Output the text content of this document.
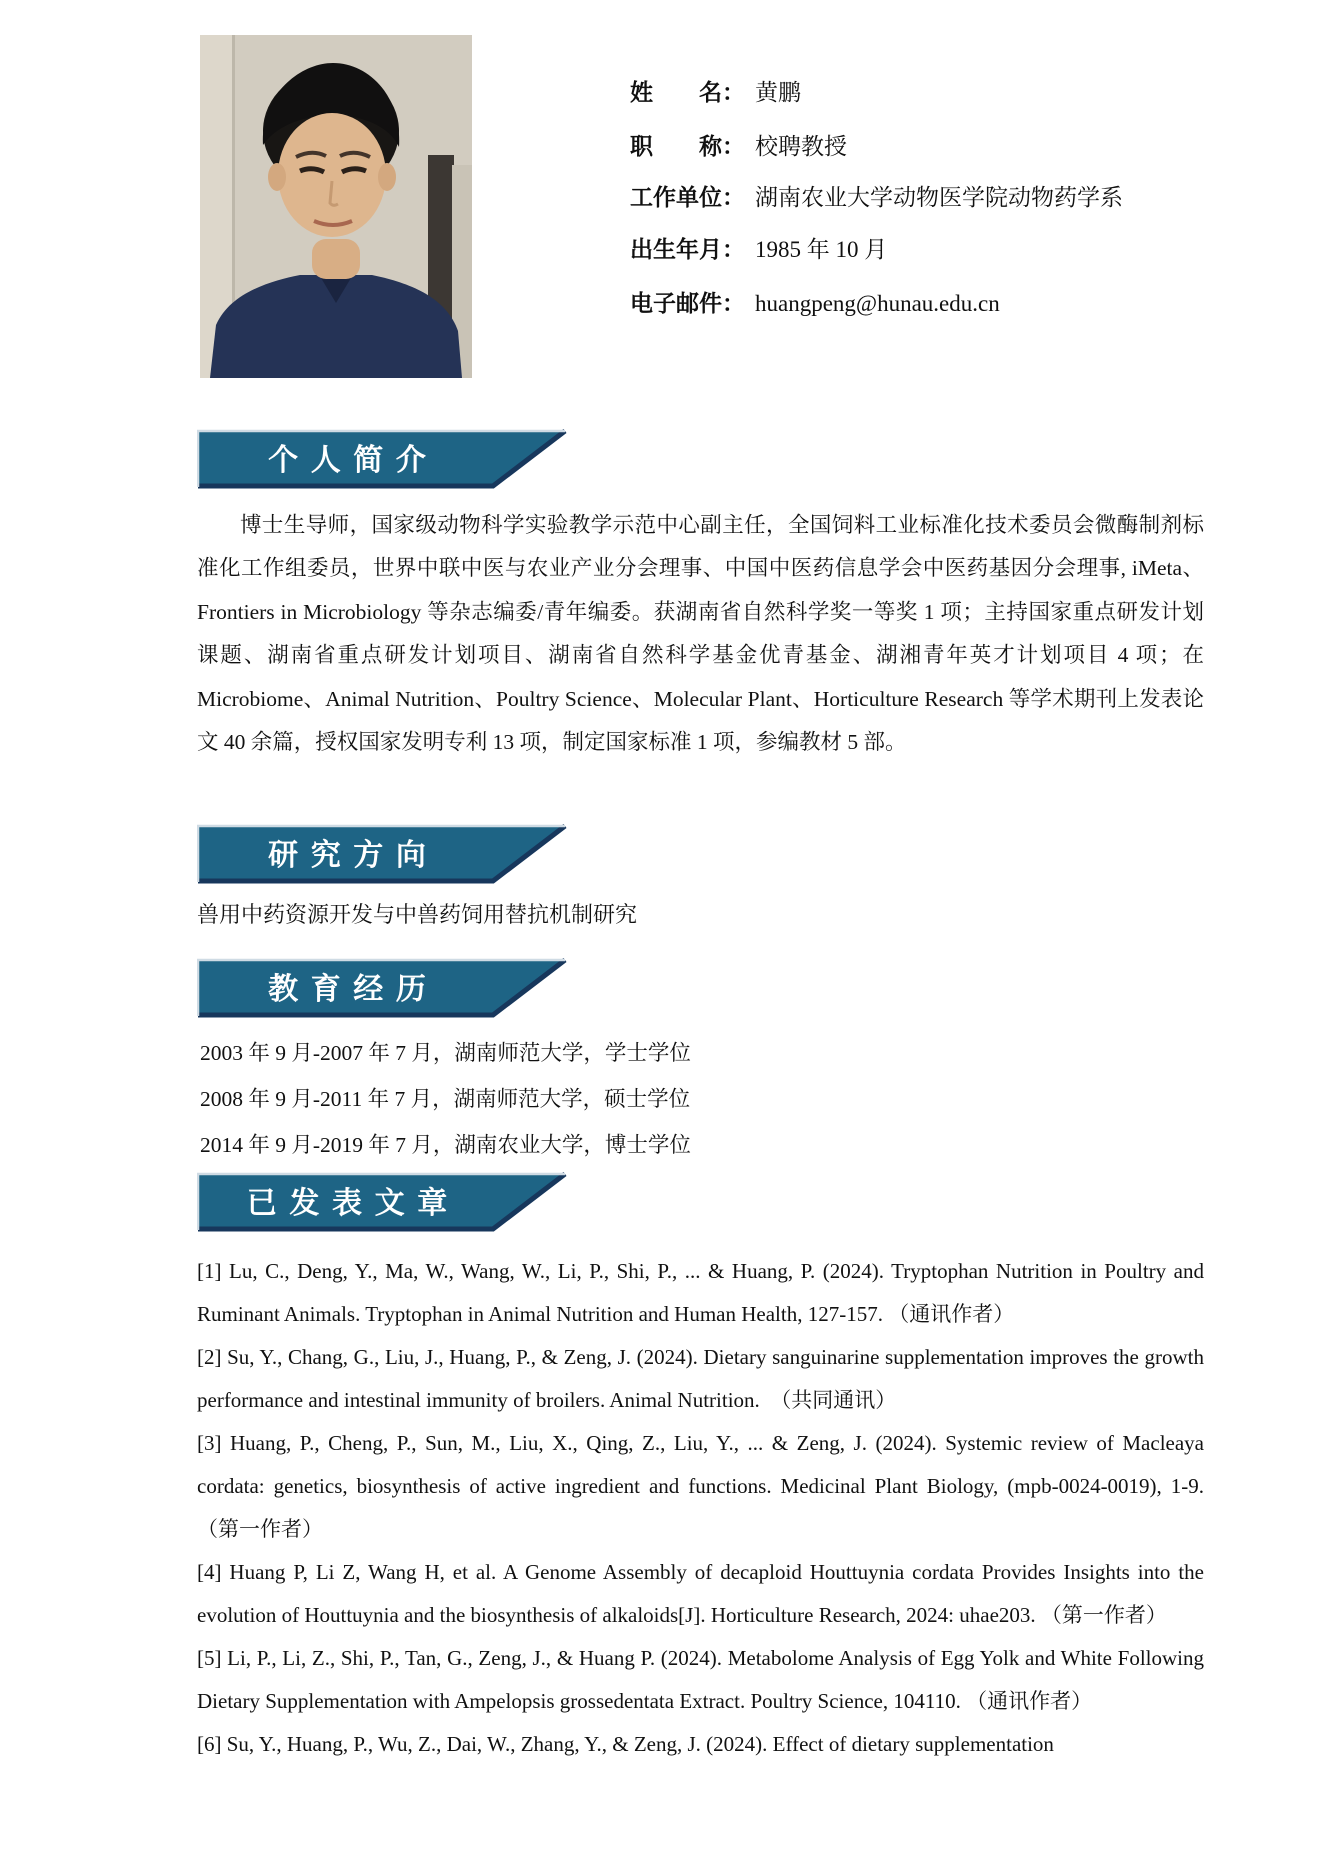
姓　　名： 黄鹏
职　　称： 校聘教授
工作单位： 湖南农业大学动物医学院动物药学系
出生年月： 1985 年 10 月
电子邮件： huangpeng@hunau.edu.cn
个人简介
博士生导师，国家级动物科学实验教学示范中心副主任，全国饲料工业标准化技术委员会微酶制剂标准化工作组委员，世界中联中医与农业产业分会理事、中国中医药信息学会中医药基因分会理事, iMeta、Frontiers in Microbiology 等杂志编委/青年编委。获湖南省自然科学奖一等奖 1 项；主持国家重点研发计划课题、湖南省重点研发计划项目、湖南省自然科学基金优青基金、湖湘青年英才计划项目 4 项；在 Microbiome、Animal Nutrition、Poultry Science、Molecular Plant、Horticulture Research 等学术期刊上发表论文 40 余篇，授权国家发明专利 13 项，制定国家标准 1 项，参编教材 5 部。
研究方向
兽用中药资源开发与中兽药饲用替抗机制研究
教育经历

2003 年 9 月-2007 年 7 月，湖南师范大学，学士学位

2008 年 9 月-2011 年 7 月，湖南师范大学，硕士学位

2014 年 9 月-2019 年 7 月，湖南农业大学，博士学位

已发表文章

[1] Lu, C., Deng, Y., Ma, W., Wang, W., Li, P., Shi, P., ... & Huang, P. (2024). Tryptophan Nutrition in Poultry and Ruminant Animals. Tryptophan in Animal Nutrition and Human Health, 127-157. （通讯作者）

[2] Su, Y., Chang, G., Liu, J., Huang, P., & Zeng, J. (2024). Dietary sanguinarine supplementation improves the growth performance and intestinal immunity of broilers. Animal Nutrition.　（共同通讯）

[3] Huang, P., Cheng, P., Sun, M., Liu, X., Qing, Z., Liu, Y., ... & Zeng, J. (2024). Systemic review of Macleaya cordata: genetics, biosynthesis of active ingredient and functions. Medicinal Plant Biology, (mpb-0024-0019), 1-9. （第一作者）

[4] Huang P, Li Z, Wang H, et al. A Genome Assembly of decaploid Houttuynia cordata Provides Insights into the evolution of Houttuynia and the biosynthesis of alkaloids[J]. Horticulture Research, 2024: uhae203. （第一作者）

[5] Li, P., Li, Z., Shi, P., Tan, G., Zeng, J., & Huang P. (2024). Metabolome Analysis of Egg Yolk and White Following Dietary Supplementation with Ampelopsis grossedentata Extract. Poultry Science, 104110. （通讯作者）

[6] Su, Y., Huang, P., Wu, Z., Dai, W., Zhang, Y., & Zeng, J. (2024). Effect of dietary supplementation
